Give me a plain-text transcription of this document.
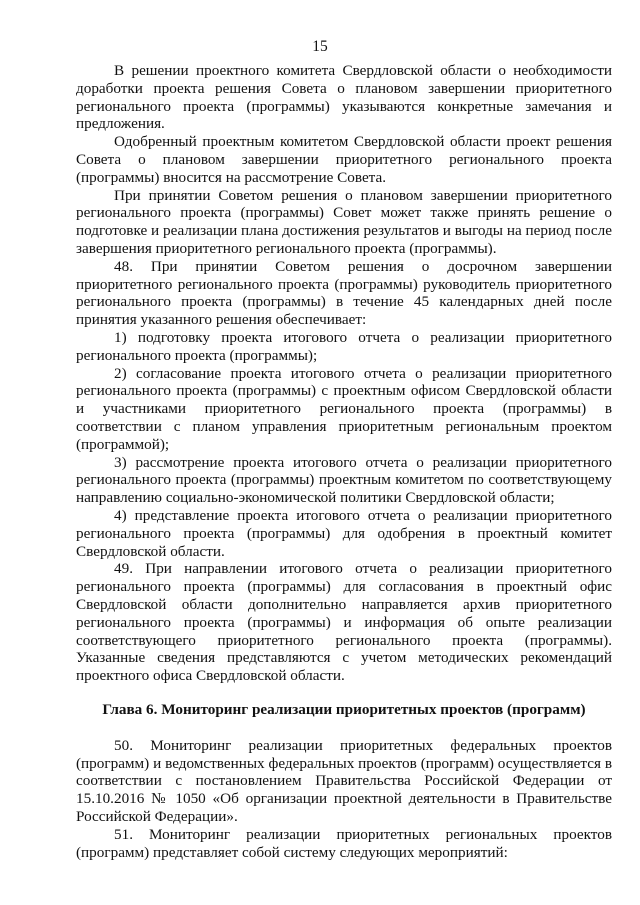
15

В решении проектного комитета Свердловской области о необходимости доработки проекта решения Совета о плановом завершении приоритетного регионального проекта (программы) указываются конкретные замечания и предложения.

Одобренный проектным комитетом Свердловской области проект решения Совета о плановом завершении приоритетного регионального проекта (программы) вносится на рассмотрение Совета.

При принятии Советом решения о плановом завершении приоритетного регионального проекта (программы) Совет может также принять решение о подготовке и реализации плана достижения результатов и выгоды на период после завершения приоритетного регионального проекта (программы).

48. При принятии Советом решения о досрочном завершении приоритетного регионального проекта (программы) руководитель приоритетного регионального проекта (программы) в течение 45 календарных дней после принятия указанного решения обеспечивает:

1) подготовку проекта итогового отчета о реализации приоритетного регионального проекта (программы);

2) согласование проекта итогового отчета о реализации приоритетного регионального проекта (программы) с проектным офисом Свердловской области и участниками приоритетного регионального проекта (программы) в соответствии с планом управления приоритетным региональным проектом (программой);

3) рассмотрение проекта итогового отчета о реализации приоритетного регионального проекта (программы) проектным комитетом по соответствующему направлению социально-экономической политики Свердловской области;

4) представление проекта итогового отчета о реализации приоритетного регионального проекта (программы) для одобрения в проектный комитет Свердловской области.

49. При направлении итогового отчета о реализации приоритетного регионального проекта (программы) для согласования в проектный офис Свердловской области дополнительно направляется архив приоритетного регионального проекта (программы) и информация об опыте реализации соответствующего приоритетного регионального проекта (программы). Указанные сведения представляются с учетом методических рекомендаций проектного офиса Свердловской области.

Глава 6. Мониторинг реализации приоритетных проектов (программ)

50. Мониторинг реализации приоритетных федеральных проектов (программ) и ведомственных федеральных проектов (программ) осуществляется в соответствии с постановлением Правительства Российской Федерации от 15.10.2016 № 1050 «Об организации проектной деятельности в Правительстве Российской Федерации».

51. Мониторинг реализации приоритетных региональных проектов (программ) представляет собой систему следующих мероприятий:
